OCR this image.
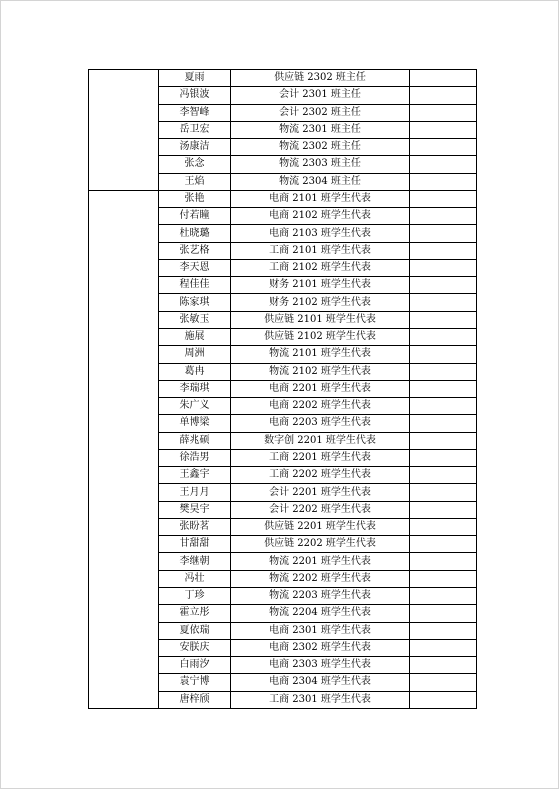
	夏雨	供应链 2302 班主任	
	冯银波	会计 2301 班主任	
	李智峰	会计 2302 班主任	
	岳卫宏	物流 2301 班主任	
	汤康洁	物流 2302 班主任	
	张念	物流 2303 班主任	
	王焰	物流 2304 班主任	
	张艳	电商 2101 班学生代表	
	付若瞳	电商 2102 班学生代表	
	杜晓璐	电商 2103 班学生代表	
	张艺格	工商 2101 班学生代表	
	李天恩	工商 2102 班学生代表	
	程佳佳	财务 2101 班学生代表	
	陈家琪	财务 2102 班学生代表	
	张敏玉	供应链 2101 班学生代表	
	施展	供应链 2102 班学生代表	
	周洲	物流 2101 班学生代表	
	葛冉	物流 2102 班学生代表	
	李瑞琪	电商 2201 班学生代表	
	朱广义	电商 2202 班学生代表	
	单博梁	电商 2203 班学生代表	
	薛兆硕	数字创 2201 班学生代表	
	徐浩男	工商 2201 班学生代表	
	王鑫宇	工商 2202 班学生代表	
	王月月	会计 2201 班学生代表	
	樊昊宇	会计 2202 班学生代表	
	张盼茗	供应链 2201 班学生代表	
	甘甜甜	供应链 2202 班学生代表	
	李继朝	物流 2201 班学生代表	
	冯壮	物流 2202 班学生代表	
	丁珍	物流 2203 班学生代表	
	霍立彤	物流 2204 班学生代表	
	夏依瑞	电商 2301 班学生代表	
	安朕庆	电商 2302 班学生代表	
	白雨汐	电商 2303 班学生代表	
	袁宁博	电商 2304 班学生代表	
	唐梓颀	工商 2301 班学生代表	
